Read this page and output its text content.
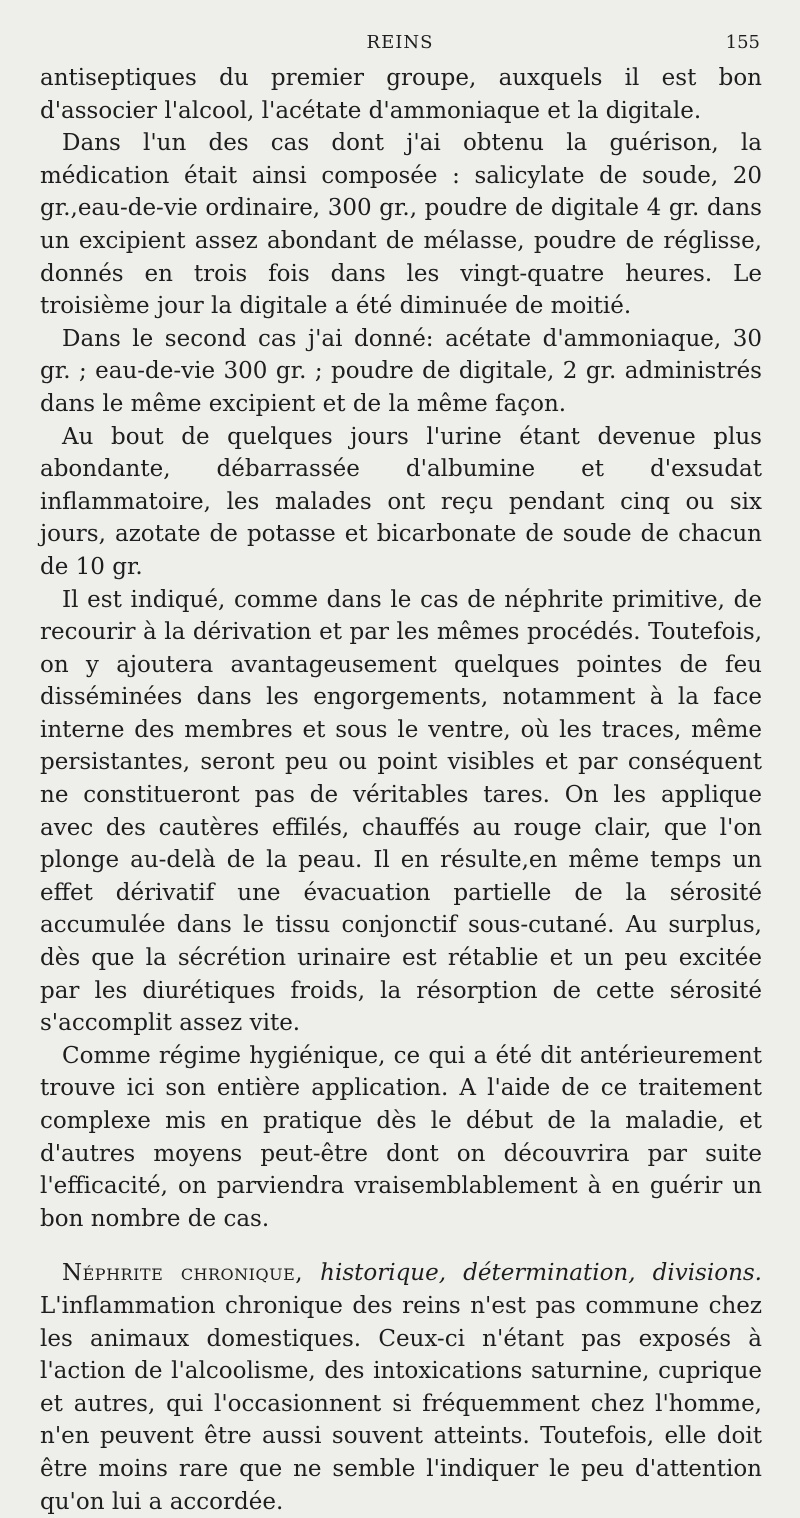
REINS	155

antiseptiques du premier groupe, auxquels il est bon d'associer l'alcool, l'acétate d'ammoniaque et la digitale.

Dans l'un des cas dont j'ai obtenu la guérison, la médication était ainsi composée : salicylate de soude, 20 gr.,eau-de-vie ordinaire, 300 gr., poudre de digitale 4 gr. dans un excipient assez abondant de mélasse, poudre de réglisse, donnés en trois fois dans les vingt-quatre heures. Le troisième jour la digitale a été diminuée de moitié.

Dans le second cas j'ai donné: acétate d'ammoniaque, 30 gr. ; eau-de-vie 300 gr. ; poudre de digitale, 2 gr. administrés dans le même excipient et de la même façon.

Au bout de quelques jours l'urine étant devenue plus abondante, débarrassée d'albumine et d'exsudat inflammatoire, les malades ont reçu pendant cinq ou six jours, azotate de potasse et bicarbonate de soude de chacun de 10 gr.

Il est indiqué, comme dans le cas de néphrite primitive, de recourir à la dérivation et par les mêmes procédés. Toutefois, on y ajoutera avantageusement quelques pointes de feu disséminées dans les engorgements, notamment à la face interne des membres et sous le ventre, où les traces, même persistantes, seront peu ou point visibles et par conséquent ne constitueront pas de véritables tares. On les applique avec des cautères effilés, chauffés au rouge clair, que l'on plonge au-delà de la peau. Il en résulte,en même temps un effet dérivatif une évacuation partielle de la sérosité accumulée dans le tissu conjonctif sous-cutané. Au surplus, dès que la sécrétion urinaire est rétablie et un peu excitée par les diurétiques froids, la résorption de cette sérosité s'accomplit assez vite.

Comme régime hygiénique, ce qui a été dit antérieurement trouve ici son entière application. A l'aide de ce traitement complexe mis en pratique dès le début de la maladie, et d'autres moyens peut-être dont on découvrira par suite l'efficacité, on parviendra vraisemblablement à en guérir un bon nombre de cas.

Néphrite chronique, historique, détermination, divisions. L'inflammation chronique des reins n'est pas commune chez les animaux domestiques. Ceux-ci n'étant pas exposés à l'action de l'alcoolisme, des intoxications saturnine, cuprique et autres, qui l'occasionnent si fréquemment chez l'homme, n'en peuvent être aussi souvent atteints. Toutefois, elle doit être moins rare que ne semble l'indiquer le peu d'attention qu'on lui a accordée.
